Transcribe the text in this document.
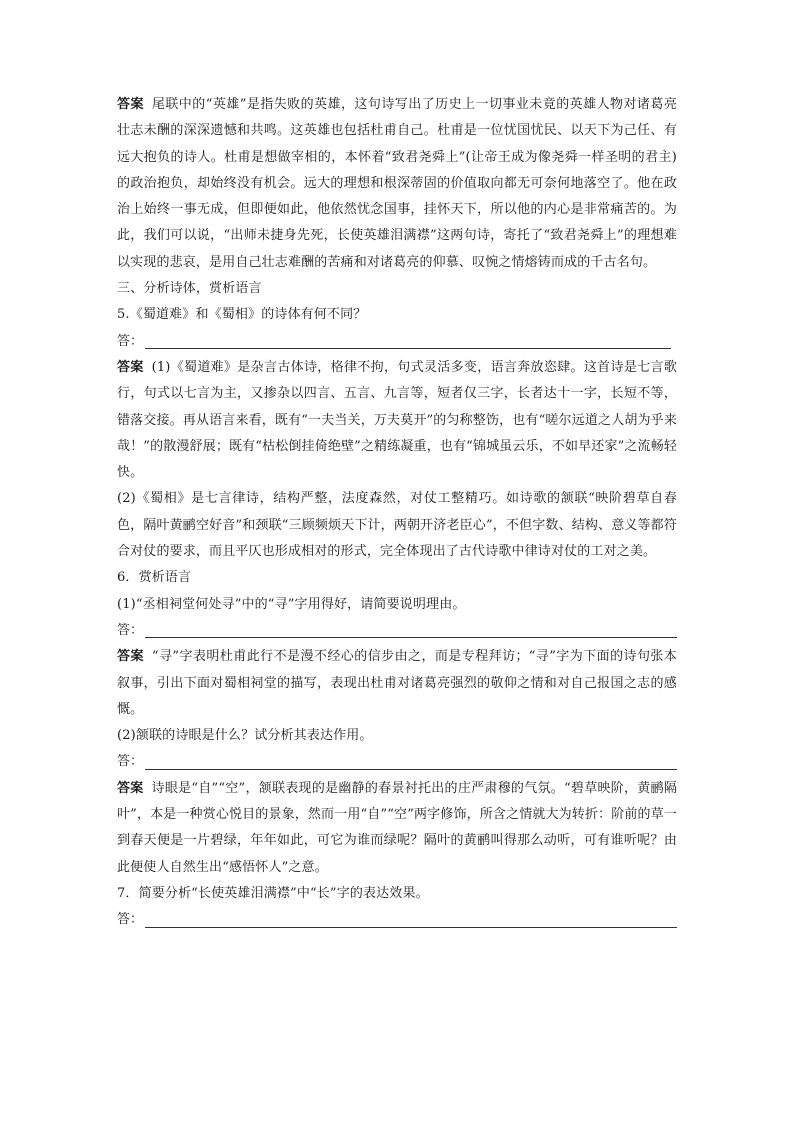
答案 尾联中的“英雄”是指失败的英雄，这句诗写出了历史上一切事业未竟的英雄人物对诸葛亮壮志未酬的深深遗憾和共鸣。这英雄也包括杜甫自己。杜甫是一位忧国忧民、以天下为己任、有远大抱负的诗人。杜甫是想做宰相的，本怀着“致君尧舜上”(让帝王成为像尧舜一样圣明的君主)的政治抱负，却始终没有机会。远大的理想和根深蒂固的价值取向都无可奈何地落空了。他在政治上始终一事无成，但即便如此，他依然忧念国事，挂怀天下，所以他的内心是非常痛苦的。为此，我们可以说，“出师未捷身先死，长使英雄泪满襟”这两句诗，寄托了“致君尧舜上”的理想难以实现的悲哀，是用自己壮志难酬的苦痛和对诸葛亮的仰慕、叹惋之情熔铸而成的千古名句。

三、分析诗体，赏析语言

5.《蜀道难》和《蜀相》的诗体有何不同？

答：

答案 (1)《蜀道难》是杂言古体诗，格律不拘，句式灵活多变，语言奔放恣肆。这首诗是七言歌行，句式以七言为主，又掺杂以四言、五言、九言等，短者仅三字，长者达十一字，长短不等，错落交接。再从语言来看，既有“一夫当关，万夫莫开”的匀称整饬，也有“嗟尔远道之人胡为乎来哉！”的散漫舒展；既有“枯松倒挂倚绝壁”之精练凝重，也有“锦城虽云乐，不如早还家”之流畅轻快。

(2)《蜀相》是七言律诗，结构严整，法度森然，对仗工整精巧。如诗歌的颔联“映阶碧草自春色，隔叶黄鹂空好音”和颈联“三顾频烦天下计，两朝开济老臣心”，不但字数、结构、意义等都符合对仗的要求，而且平仄也形成相对的形式，完全体现出了古代诗歌中律诗对仗的工对之美。

6．赏析语言

(1)“丞相祠堂何处寻”中的“寻”字用得好，请简要说明理由。

答：

答案 “寻”字表明杜甫此行不是漫不经心的信步由之，而是专程拜访；“寻”字为下面的诗句张本叙事，引出下面对蜀相祠堂的描写，表现出杜甫对诸葛亮强烈的敬仰之情和对自己报国之志的感慨。

(2)颔联的诗眼是什么？试分析其表达作用。

答：

答案 诗眼是“自”“空”，颔联表现的是幽静的春景衬托出的庄严肃穆的气氛。“碧草映阶，黄鹂隔叶”，本是一种赏心悦目的景象，然而一用“自”“空”两字修饰，所含之情就大为转折：阶前的草一到春天便是一片碧绿，年年如此，可它为谁而绿呢？隔叶的黄鹂叫得那么动听，可有谁听呢？由此便使人自然生出“感悟怀人”之意。

7．简要分析“长使英雄泪满襟”中“长”字的表达效果。

答：
